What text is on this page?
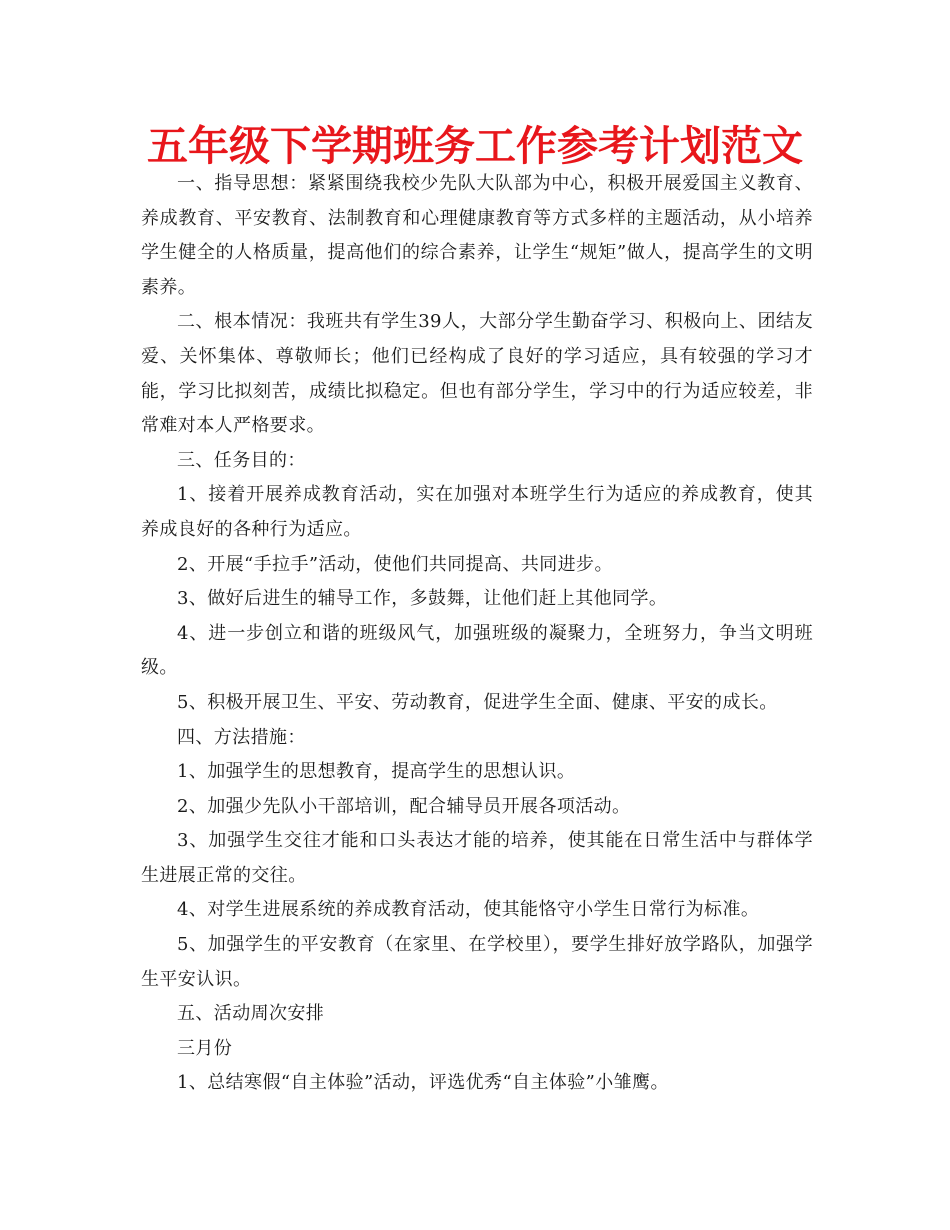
五年级下学期班务工作参考计划范文

一、指导思想：紧紧围绕我校少先队大队部为中心，积极开展爱国主义教育、养成教育、平安教育、法制教育和心理健康教育等方式多样的主题活动，从小培养学生健全的人格质量，提高他们的综合素养，让学生“规矩”做人，提高学生的文明素养。

二、根本情况：我班共有学生39人，大部分学生勤奋学习、积极向上、团结友爱、关怀集体、尊敬师长；他们已经构成了良好的学习适应，具有较强的学习才能，学习比拟刻苦，成绩比拟稳定。但也有部分学生，学习中的行为适应较差，非常难对本人严格要求。

三、任务目的：

1、接着开展养成教育活动，实在加强对本班学生行为适应的养成教育，使其养成良好的各种行为适应。

2、开展“手拉手”活动，使他们共同提高、共同进步。

3、做好后进生的辅导工作，多鼓舞，让他们赶上其他同学。

4、进一步创立和谐的班级风气，加强班级的凝聚力，全班努力，争当文明班级。

5、积极开展卫生、平安、劳动教育，促进学生全面、健康、平安的成长。

四、方法措施：

1、加强学生的思想教育，提高学生的思想认识。

2、加强少先队小干部培训，配合辅导员开展各项活动。

3、加强学生交往才能和口头表达才能的培养，使其能在日常生活中与群体学生进展正常的交往。

4、对学生进展系统的养成教育活动，使其能恪守小学生日常行为标准。

5、加强学生的平安教育（在家里、在学校里），要学生排好放学路队，加强学生平安认识。

五、活动周次安排

三月份

1、总结寒假“自主体验”活动，评选优秀“自主体验”小雏鹰。
